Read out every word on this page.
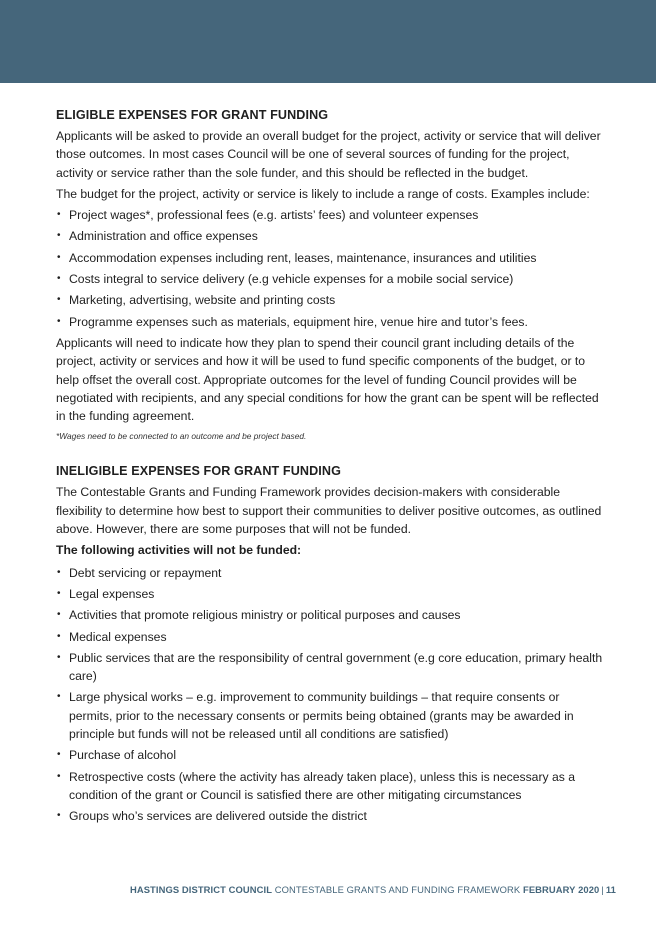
ELIGIBLE EXPENSES FOR GRANT FUNDING

Applicants will be asked to provide an overall budget for the project, activity or service that will deliver those outcomes. In most cases Council will be one of several sources of funding for the project, activity or service rather than the sole funder, and this should be reflected in the budget.

The budget for the project, activity or service is likely to include a range of costs. Examples include:

• Project wages*, professional fees (e.g. artists’ fees) and volunteer expenses
• Administration and office expenses
• Accommodation expenses including rent, leases, maintenance, insurances and utilities
• Costs integral to service delivery (e.g vehicle expenses for a mobile social service)
• Marketing, advertising, website and printing costs
• Programme expenses such as materials, equipment hire, venue hire and tutor’s fees.

Applicants will need to indicate how they plan to spend their council grant including details of the project, activity or services and how it will be used to fund specific components of the budget, or to help offset the overall cost. Appropriate outcomes for the level of funding Council provides will be negotiated with recipients, and any special conditions for how the grant can be spent will be reflected in the funding agreement.

*Wages need to be connected to an outcome and be project based.

INELIGIBLE EXPENSES FOR GRANT FUNDING

The Contestable Grants and Funding Framework provides decision-makers with considerable flexibility to determine how best to support their communities to deliver positive outcomes, as outlined above. However, there are some purposes that will not be funded.

The following activities will not be funded:

• Debt servicing or repayment
• Legal expenses
• Activities that promote religious ministry or political purposes and causes
• Medical expenses
• Public services that are the responsibility of central government (e.g core education, primary health care)
• Large physical works – e.g. improvement to community buildings – that require consents or permits, prior to the necessary consents or permits being obtained (grants may be awarded in principle but funds will not be released until all conditions are satisfied)
• Purchase of alcohol
• Retrospective costs (where the activity has already taken place), unless this is necessary as a condition of the grant or Council is satisfied there are other mitigating circumstances
• Groups who’s services are delivered outside the district
HASTINGS DISTRICT COUNCIL CONTESTABLE GRANTS AND FUNDING FRAMEWORK FEBRUARY 2020 | 11
